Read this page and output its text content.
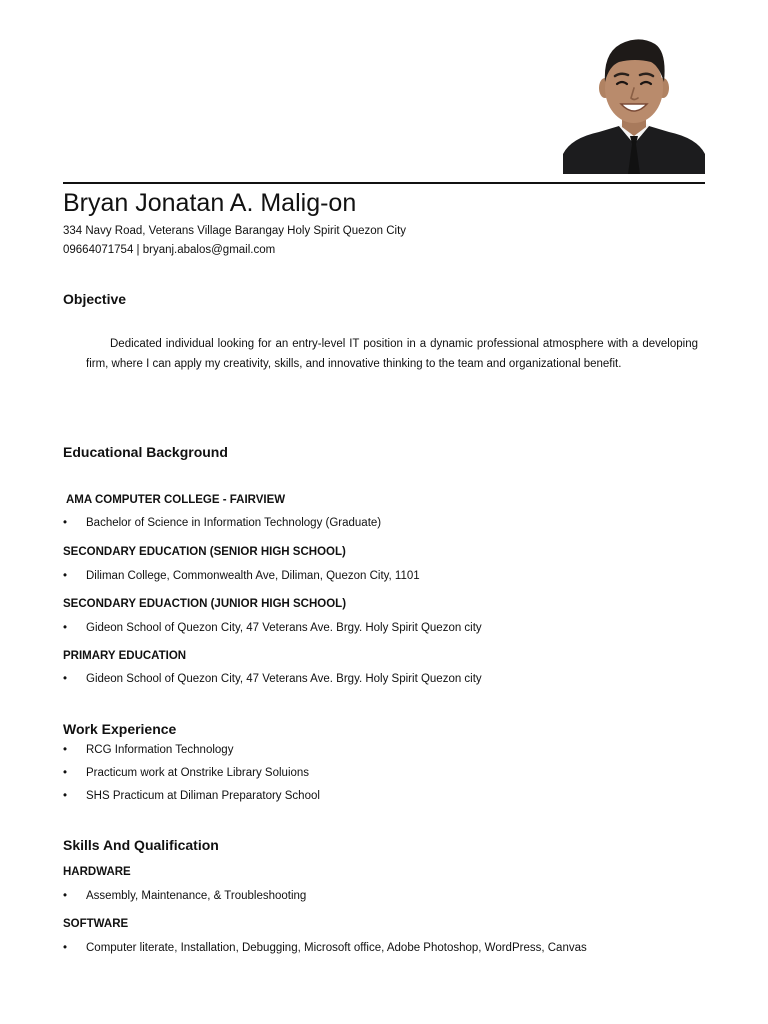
Bryan Jonatan A. Malig-on
334 Navy Road, Veterans Village Barangay Holy Spirit Quezon City
09664071754 | bryanj.abalos@gmail.com
Objective
Dedicated individual looking for an entry-level IT position in a dynamic professional atmosphere with a developing firm, where I can apply my creativity, skills, and innovative thinking to the team and organizational benefit.
Educational Background
AMA COMPUTER COLLEGE - FAIRVIEW
•	Bachelor of Science in Information Technology (Graduate)
SECONDARY EDUCATION (SENIOR HIGH SCHOOL)
•	Diliman College, Commonwealth Ave, Diliman, Quezon City, 1101
SECONDARY EDUACTION (JUNIOR HIGH SCHOOL)
•	Gideon School of Quezon City, 47 Veterans Ave. Brgy. Holy Spirit Quezon city
PRIMARY EDUCATION
•	Gideon School of Quezon City, 47 Veterans Ave. Brgy. Holy Spirit Quezon city
Work Experience
•	RCG Information Technology
•	Practicum work at Onstrike Library Soluions
•	SHS Practicum at Diliman Preparatory School
Skills And Qualification
HARDWARE
•	Assembly, Maintenance, & Troubleshooting
SOFTWARE
•	Computer literate, Installation, Debugging, Microsoft office, Adobe Photoshop, WordPress, Canvas
